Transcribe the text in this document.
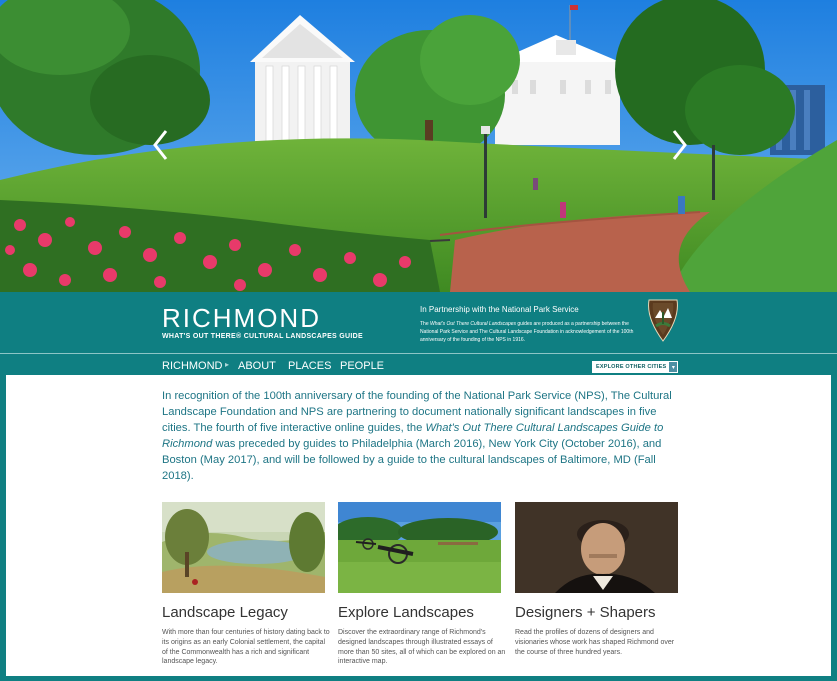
RICHMOND
WHAT'S OUT THERE® CULTURAL LANDSCAPES GUIDE
In Partnership with the National Park Service
The What's Out There Cultural Landscapes guides are produced as a partnership between the National Park Service and The Cultural Landscape Foundation in acknowledgement of the 100th anniversary of the founding of the NPS in 1916.
RICHMOND ▸ ABOUT PLACES PEOPLE	EXPLORE OTHER CITIES ▾
In recognition of the 100th anniversary of the founding of the National Park Service (NPS), The Cultural Landscape Foundation and NPS are partnering to document nationally significant landscapes in five cities. The fourth of five interactive online guides, the What's Out There Cultural Landscapes Guide to Richmond was preceded by guides to Philadelphia (March 2016), New York City (October 2016), and Boston (May 2017), and will be followed by a guide to the cultural landscapes of Baltimore, MD (Fall 2018).
Landscape Legacy
With more than four centuries of history dating back to its origins as an early Colonial settlement, the capital of the Commonwealth has a rich and significant landscape legacy.
Explore Landscapes
Discover the extraordinary range of Richmond's designed landscapes through illustrated essays of more than 50 sites, all of which can be explored on an interactive map.
Designers + Shapers
Read the profiles of dozens of designers and visionaries whose work has shaped Richmond over the course of three hundred years.
